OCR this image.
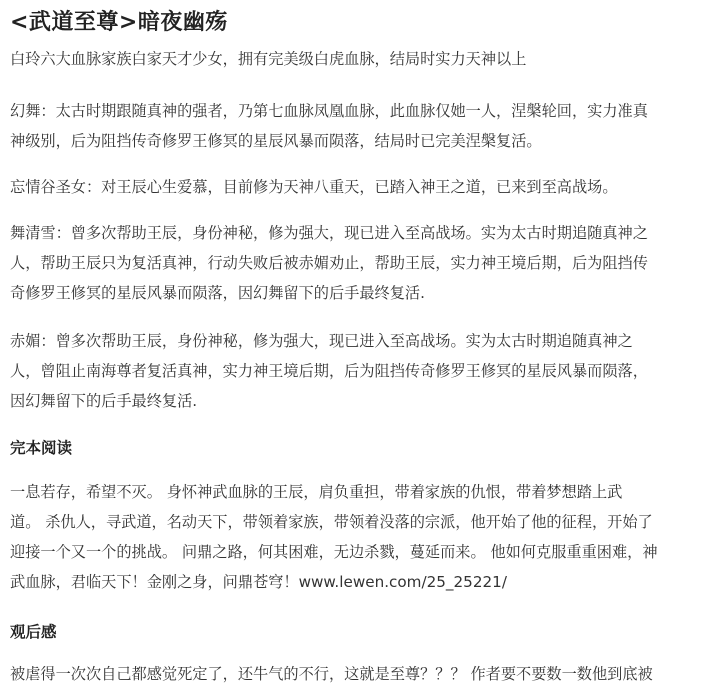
<武道至尊>暗夜幽殇

白玲六大血脉家族白家天才少女，拥有完美级白虎血脉，结局时实力天神以上

幻舞：太古时期跟随真神的强者，乃第七血脉凤凰血脉，此血脉仅她一人，涅槃轮回，实力准真
神级别，后为阻挡传奇修罗王修冥的星辰风暴而陨落，结局时已完美涅槃复活。

忘情谷圣女：对王辰心生爱慕，目前修为天神八重天，已踏入神王之道，已来到至高战场。

舞清雪：曾多次帮助王辰，身份神秘，修为强大，现已进入至高战场。实为太古时期追随真神之
人，帮助王辰只为复活真神，行动失败后被赤媚劝止，帮助王辰，实力神王境后期，后为阻挡传
奇修罗王修冥的星辰风暴而陨落，因幻舞留下的后手最终复活.

赤媚：曾多次帮助王辰，身份神秘，修为强大，现已进入至高战场。实为太古时期追随真神之
人，曾阻止南海尊者复活真神，实力神王境后期，后为阻挡传奇修罗王修冥的星辰风暴而陨落，
因幻舞留下的后手最终复活.

完本阅读

一息若存，希望不灭。 身怀神武血脉的王辰，肩负重担，带着家族的仇恨，带着梦想踏上武
道。 杀仇人，寻武道，名动天下，带领着家族，带领着没落的宗派，他开始了他的征程，开始了
迎接一个又一个的挑战。 问鼎之路，何其困难，无边杀戮，蔓延而来。 他如何克服重重困难，神
武血脉，君临天下！金刚之身，问鼎苍穹！www.lewen.com/25_25221/

观后感

被虐得一次次自己都感觉死定了，还牛气的不行，这就是至尊？？？ 作者要不要数一数他到底被
